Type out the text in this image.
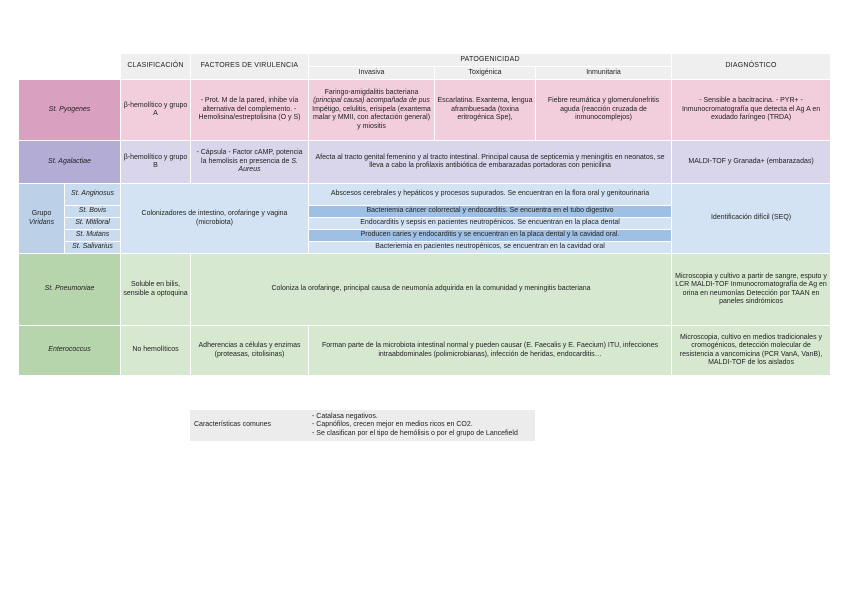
		CLASIFICACIÓN	FACTORES DE VIRULENCIA	PATOGENICIDAD			DIAGNÓSTICO
				Invasiva	Toxigénica	Inmunitaria	
St. Pyogenes		β-hemolítico y grupo A	- Prot. M de la pared, inhibe vía alternativa del complemento. - Hemolisina/estreptolisina (O y S)	Faringo-amigdalitis bacteriana (principal causa) acompañada de pus Impétigo, celulitis, erisipela (exantema malar y MMII, con afectación general) y miositis	Escarlatina. Exantema, lengua aframbuesada (toxina eritrogénica Spe),	Fiebre reumática y glomerulonefritis aguda (reacción cruzada de inmunocomplejos)	- Sensible a bacitracina. - PYR+ - Inmunocromatografía que detecta el Ag A en exudado faríngeo (TRDA)
St. Agalactiae		β-hemolítico y grupo B	- Cápsula - Factor cAMP, potencia la hemolisis en presencia de S. Aureus	Afecta al tracto genital femenino y al tracto intestinal. Principal causa de septicemia y meningitis en neonatos, se lleva a cabo la profilaxis antibiótica de embarazadas portadoras con penicilina			MALDI-TOF y Granada+ (embarazadas)
Grupo
Viridans	St. Anginosus	Colonizadores de intestino, orofaringe y vagina (microbiota)		Abscesos cerebrales y hepáticos y procesos supurados. Se encuentran en la flora oral y genitourinaria			Identificación difícil (SEQ)
	St. Bovis			Bacteriemia cáncer colorrectal y endocarditis. Se encuentra en el tubo digestivo			
	St. Mitiloral			Endocarditis y sepsis en pacientes neutropénicos. Se encuentran en la placa dental			
	St. Mutans			Producen caries y endocarditis y se encuentran en la placa dental y la cavidad oral.			
	St. Salivarius			Bacteriemia en pacientes neutropénicos, se encuentran en la cavidad oral			
St. Pneumoniae		Soluble en bilis, sensible a optoquina	Coloniza la orofaringe, principal causa de neumonía adquirida en la comunidad y meningitis bacteriana				Microscopia y cultivo a partir de sangre, esputo y LCR MALDI-TOF Inmunocromatografía de Ag en orina en neumonías Detección por TAAN en paneles sindrómicos
Enterococcus		No hemolíticos	Adherencias a células y enzimas (proteasas, citolisinas)	Forman parte de la microbiota intestinal normal y pueden causar (E. Faecalis y E. Faecium) ITU, infecciones intraabdominales (polimicrobianas), infección de heridas, endocarditis…			Microscopia, cultivo en medios tradicionales y cromogénicos, detección molecular de resistencia a vancomicina (PCR VanA, VanB), MALDI-TOF de los aislados
Características comunes	
- Catalasa negativos.
- Capnófilos, crecen mejor en medios ricos en CO2.
- Se clasifican por el tipo de hemólisis o por el grupo de Lancefield
